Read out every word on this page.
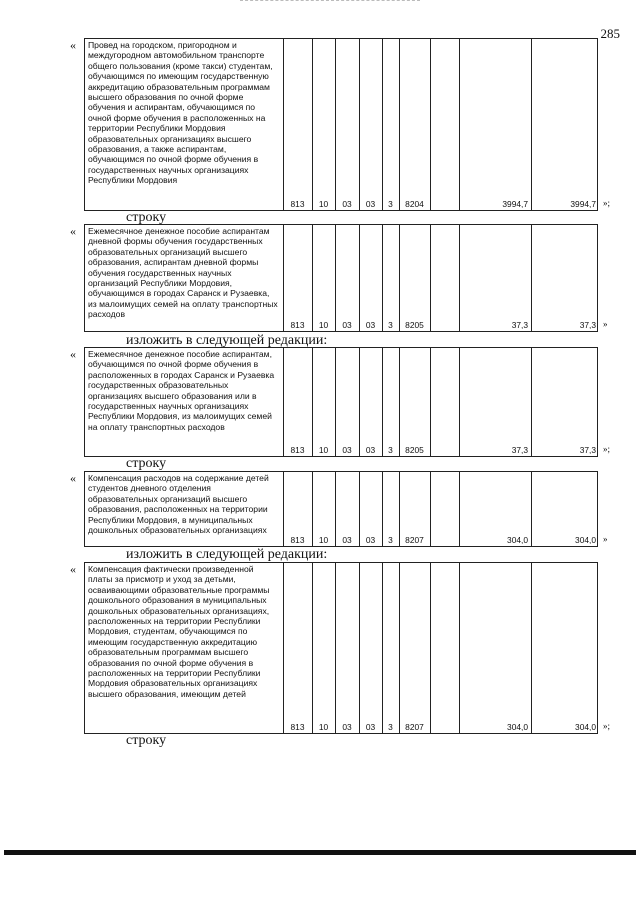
285
« Провед на городском, пригородном и междугородном автомобильном транспорте общего пользования (кроме такси) студентам, обучающимся по имеющим государственную аккредитацию образовательным программам высшего образования по очной форме обучения и аспирантам, обучающимся по очной форме обучения в расположенных на территории Республики Мордовия образовательных организациях высшего образования, а также аспирантам, обучающимся по очной форме обучения в государственных научных организациях Республики Мордовия
813	10	03	03	3	8204	3994,7	3994,7 »;
строку
« Ежемесячное денежное пособие аспирантам дневной формы обучения государственных образовательных организаций высшего образования, аспирантам дневной формы обучения государственных научных организаций Республики Мордовия, обучающимся в городах Саранск и Рузаевка, из малоимущих семей на оплату транспортных расходов
813	10	03	03	3	8205	37,3	37,3 »
изложить в следующей редакции:
« Ежемесячное денежное пособие аспирантам, обучающимся по очной форме обучения в расположенных в городах Саранск и Рузаевка государственных образовательных организациях высшего образования или в государственных научных организациях Республики Мордовия, из малоимущих семей на оплату транспортных расходов
813	10	03	03	3	8205	37,3	37,3 »;
строку
« Компенсация расходов на содержание детей студентов дневного отделения образовательных организаций высшего образования, расположенных на территории Республики Мордовия, в муниципальных дошкольных образовательных организациях
813	10	03	03	3	8207	304,0	304,0 »
изложить в следующей редакции:
« Компенсация фактически произведенной платы за присмотр и уход за детьми, осваивающими образовательные программы дошкольного образования в муниципальных дошкольных образовательных организациях, расположенных на территории Республики Мордовия, студентам, обучающимся по имеющим государственную аккредитацию образовательным программам высшего образования по очной форме обучения в расположенных на территории Республики Мордовия образовательных организациях высшего образования, имеющим детей
813	10	03	03	3	8207	304,0	304,0 »;
строку
